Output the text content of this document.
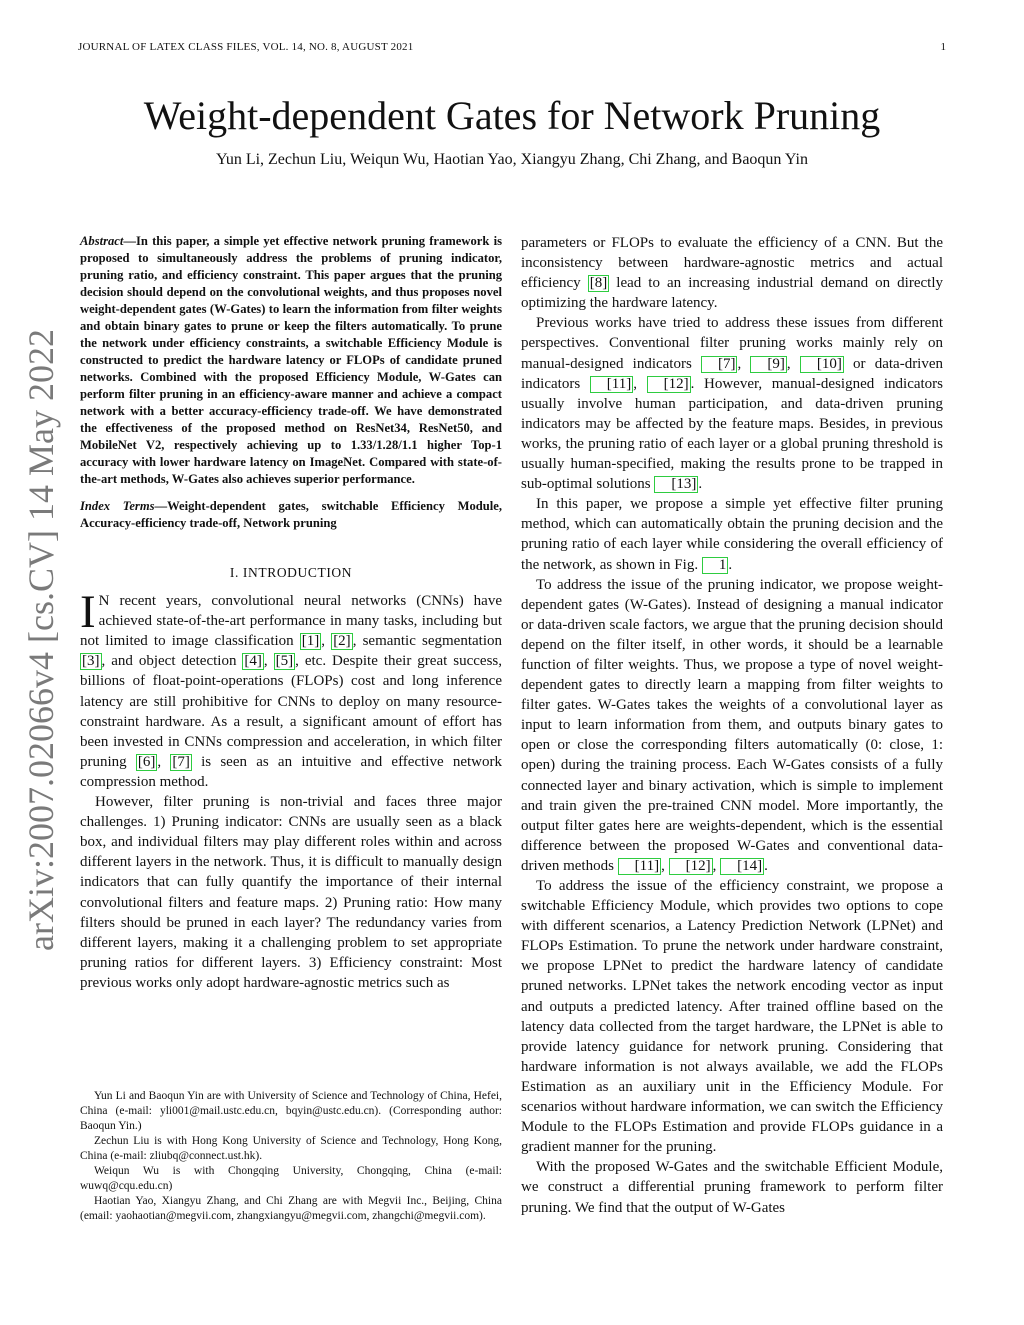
JOURNAL OF LATEX CLASS FILES, VOL. 14, NO. 8, AUGUST 2021	1
Weight-dependent Gates for Network Pruning
Yun Li, Zechun Liu, Weiqun Wu, Haotian Yao, Xiangyu Zhang, Chi Zhang, and Baoqun Yin
arXiv:2007.02066v4 [cs.CV] 14 May 2022
Abstract—In this paper, a simple yet effective network pruning framework is proposed to simultaneously address the problems of pruning indicator, pruning ratio, and efficiency constraint. This paper argues that the pruning decision should depend on the convolutional weights, and thus proposes novel weight-dependent gates (W-Gates) to learn the information from filter weights and obtain binary gates to prune or keep the filters automatically. To prune the network under efficiency constraints, a switchable Efficiency Module is constructed to predict the hardware latency or FLOPs of candidate pruned networks. Combined with the proposed Efficiency Module, W-Gates can perform filter pruning in an efficiency-aware manner and achieve a compact network with a better accuracy-efficiency trade-off. We have demonstrated the effectiveness of the proposed method on ResNet34, ResNet50, and MobileNet V2, respectively achieving up to 1.33/1.28/1.1 higher Top-1 accuracy with lower hardware latency on ImageNet. Compared with state-of-the-art methods, W-Gates also achieves superior performance.
Index Terms—Weight-dependent gates, switchable Efficiency Module, Accuracy-efficiency trade-off, Network pruning
I. INTRODUCTION

I N recent years, convolutional neural networks (CNNs) have achieved state-of-the-art performance in many tasks, including but not limited to image classification [1] , [2] , semantic segmentation [3] , and object detection [4] , [5] , etc. Despite their great success, billions of float-point-operations (FLOPs) cost and long inference latency are still prohibitive for CNNs to deploy on many resource-constraint hardware. As a result, a significant amount of effort has been invested in CNNs compression and acceleration, in which filter pruning [6] , [7] is seen as an intuitive and effective network compression method.

However, filter pruning is non-trivial and faces three major challenges. 1) Pruning indicator: CNNs are usually seen as a black box, and individual filters may play different roles within and across different layers in the network. Thus, it is difficult to manually design indicators that can fully quantify the importance of their internal convolutional filters and feature maps. 2) Pruning ratio: How many filters should be pruned in each layer? The redundancy varies from different layers, making it a challenging problem to set appropriate pruning ratios for different layers. 3) Efficiency constraint: Most previous works only adopt hardware-agnostic metrics such as

Yun Li and Baoqun Yin are with University of Science and Technology of China, Hefei, China (e-mail: yli001@mail.ustc.edu.cn, bqyin@ustc.edu.cn). (Corresponding author: Baoqun Yin.)
Zechun Liu is with Hong Kong University of Science and Technology, Hong Kong, China (e-mail: zliubq@connect.ust.hk).
Weiqun Wu is with Chongqing University, Chongqing, China (e-mail: wuwq@cqu.edu.cn)
Haotian Yao, Xiangyu Zhang, and Chi Zhang are with Megvii Inc., Beijing, China (email: yaohaotian@megvii.com, zhangxiangyu@megvii.com, zhangchi@megvii.com).

parameters or FLOPs to evaluate the efficiency of a CNN. But the inconsistency between hardware-agnostic metrics and actual efficiency [8] lead to an increasing industrial demand on directly optimizing the hardware latency.

Previous works have tried to address these issues from different perspectives. Conventional filter pruning works mainly rely on manual-designed indicators [7] , [9] , [10] or data-driven indicators [11] , [12] . However, manual-designed indicators usually involve human participation, and data-driven pruning indicators may be affected by the feature maps. Besides, in previous works, the pruning ratio of each layer or a global pruning threshold is usually human-specified, making the results prone to be trapped in sub-optimal solutions [13] .

In this paper, we propose a simple yet effective filter pruning method, which can automatically obtain the pruning decision and the pruning ratio of each layer while considering the overall efficiency of the network, as shown in Fig. 1 .

To address the issue of the pruning indicator, we propose weight-dependent gates (W-Gates). Instead of designing a manual indicator or data-driven scale factors, we argue that the pruning decision should depend on the filter itself, in other words, it should be a learnable function of filter weights. Thus, we propose a type of novel weight-dependent gates to directly learn a mapping from filter weights to filter gates. W-Gates takes the weights of a convolutional layer as input to learn information from them, and outputs binary gates to open or close the corresponding filters automatically (0: close, 1: open) during the training process. Each W-Gates consists of a fully connected layer and binary activation, which is simple to implement and train given the pre-trained CNN model. More importantly, the output filter gates here are weights-dependent, which is the essential difference between the proposed W-Gates and conventional data-driven methods [11] , [12] , [14] .

To address the issue of the efficiency constraint, we propose a switchable Efficiency Module, which provides two options to cope with different scenarios, a Latency Prediction Network (LPNet) and FLOPs Estimation. To prune the network under hardware constraint, we propose LPNet to predict the hardware latency of candidate pruned networks. LPNet takes the network encoding vector as input and outputs a predicted latency. After trained offline based on the latency data collected from the target hardware, the LPNet is able to provide latency guidance for network pruning. Considering that hardware information is not always available, we add the FLOPs Estimation as an auxiliary unit in the Efficiency Module. For scenarios without hardware information, we can switch the Efficiency Module to the FLOPs Estimation and provide FLOPs guidance in a gradient manner for the pruning.

With the proposed W-Gates and the switchable Efficient Module, we construct a differential pruning framework to perform filter pruning. We find that the output of W-Gates
